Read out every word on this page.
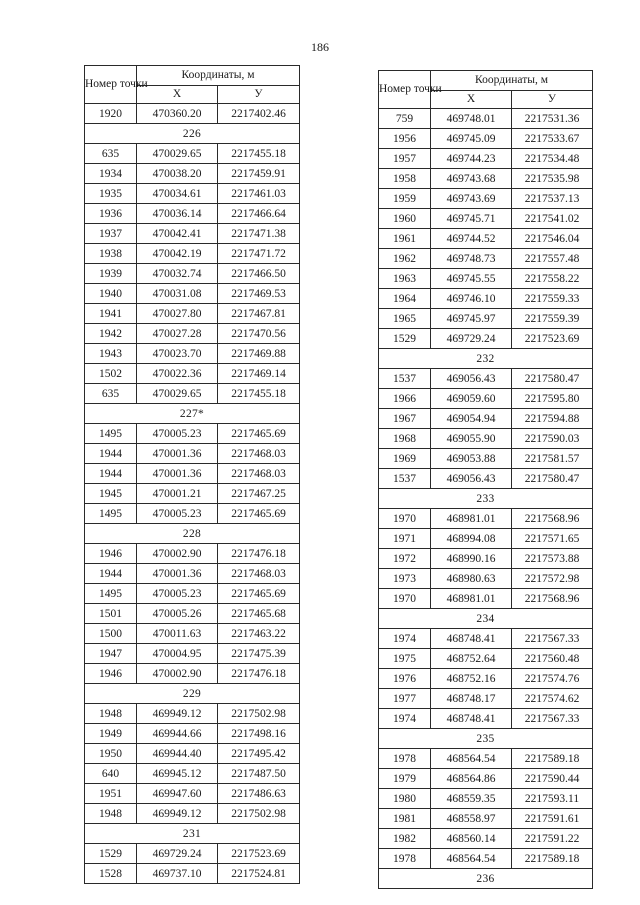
186
Номер точки	Координаты, м	
	X	У
1920	470360.20	2217402.46
226		
635	470029.65	2217455.18
1934	470038.20	2217459.91
1935	470034.61	2217461.03
1936	470036.14	2217466.64
1937	470042.41	2217471.38
1938	470042.19	2217471.72
1939	470032.74	2217466.50
1940	470031.08	2217469.53
1941	470027.80	2217467.81
1942	470027.28	2217470.56
1943	470023.70	2217469.88
1502	470022.36	2217469.14
635	470029.65	2217455.18
227*		
1495	470005.23	2217465.69
1944	470001.36	2217468.03
1944	470001.36	2217468.03
1945	470001.21	2217467.25
1495	470005.23	2217465.69
228		
1946	470002.90	2217476.18
1944	470001.36	2217468.03
1495	470005.23	2217465.69
1501	470005.26	2217465.68
1500	470011.63	2217463.22
1947	470004.95	2217475.39
1946	470002.90	2217476.18
229		
1948	469949.12	2217502.98
1949	469944.66	2217498.16
1950	469944.40	2217495.42
640	469945.12	2217487.50
1951	469947.60	2217486.63
1948	469949.12	2217502.98
231		
1529	469729.24	2217523.69
1528	469737.10	2217524.81
Номер точки	Координаты, м	
	X	У
759	469748.01	2217531.36
1956	469745.09	2217533.67
1957	469744.23	2217534.48
1958	469743.68	2217535.98
1959	469743.69	2217537.13
1960	469745.71	2217541.02
1961	469744.52	2217546.04
1962	469748.73	2217557.48
1963	469745.55	2217558.22
1964	469746.10	2217559.33
1965	469745.97	2217559.39
1529	469729.24	2217523.69
232		
1537	469056.43	2217580.47
1966	469059.60	2217595.80
1967	469054.94	2217594.88
1968	469055.90	2217590.03
1969	469053.88	2217581.57
1537	469056.43	2217580.47
233		
1970	468981.01	2217568.96
1971	468994.08	2217571.65
1972	468990.16	2217573.88
1973	468980.63	2217572.98
1970	468981.01	2217568.96
234		
1974	468748.41	2217567.33
1975	468752.64	2217560.48
1976	468752.16	2217574.76
1977	468748.17	2217574.62
1974	468748.41	2217567.33
235		
1978	468564.54	2217589.18
1979	468564.86	2217590.44
1980	468559.35	2217593.11
1981	468558.97	2217591.61
1982	468560.14	2217591.22
1978	468564.54	2217589.18
236		
